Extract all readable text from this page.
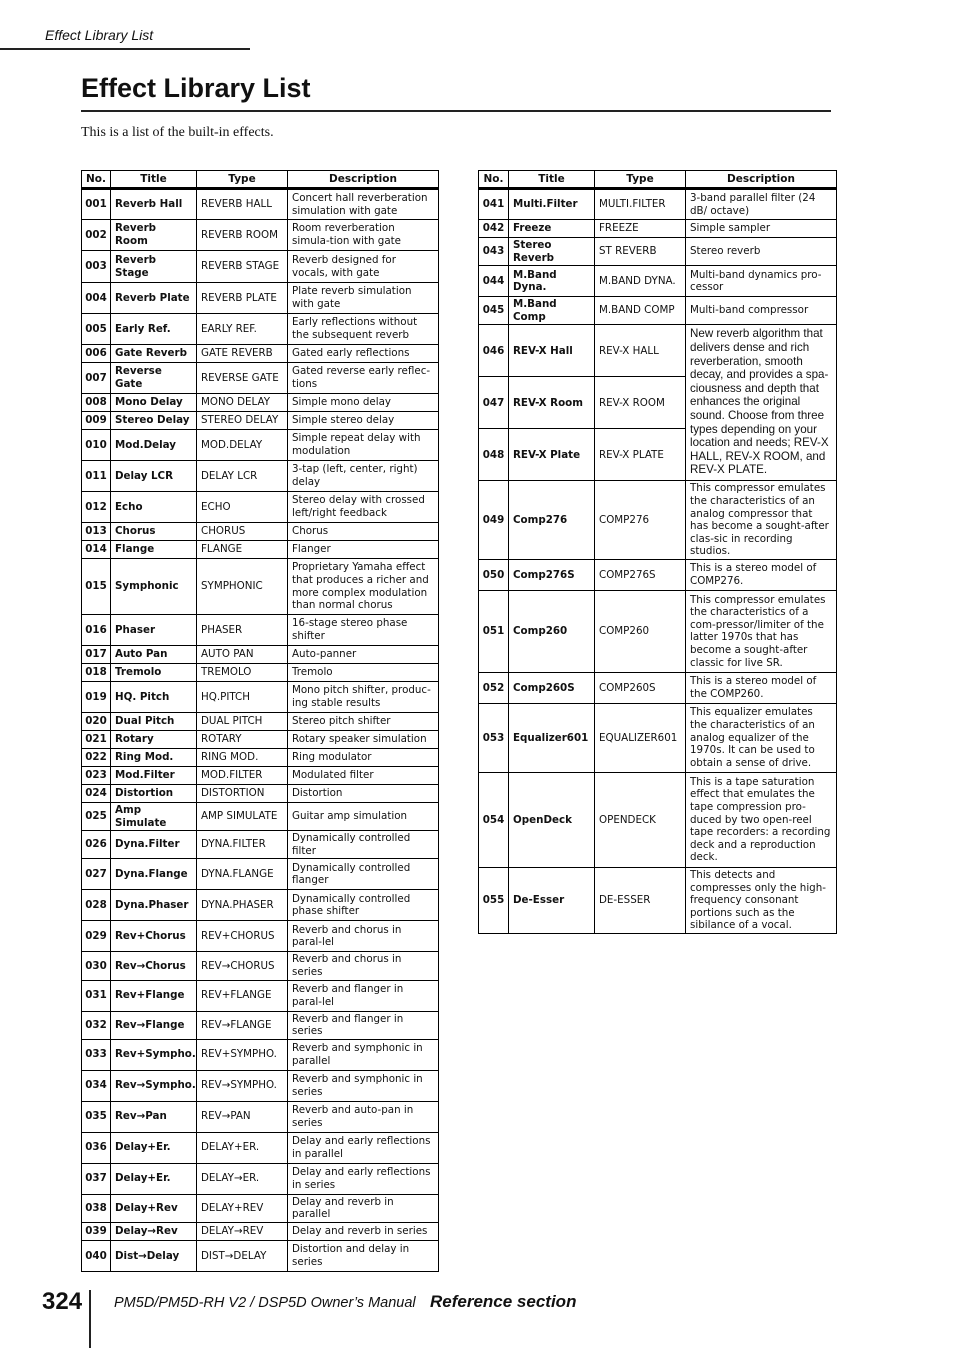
Effect Library List
Effect Library List
This is a list of the built-in effects.
No.	Title	Type	Description
001	Reverb Hall	REVERB HALL	Concert hall reverberation simulation with gate
002	Reverb Room	REVERB ROOM	Room reverberation simula-tion with gate
003	Reverb Stage	REVERB STAGE	Reverb designed for vocals, with gate
004	Reverb Plate	REVERB PLATE	Plate reverb simulation with gate
005	Early Ref.	EARLY REF.	Early reflections without the subsequent reverb
006	Gate Reverb	GATE REVERB	Gated early reflections
007	Reverse Gate	REVERSE GATE	Gated reverse early reflec-tions
008	Mono Delay	MONO DELAY	Simple mono delay
009	Stereo Delay	STEREO DELAY	Simple stereo delay
010	Mod.Delay	MOD.DELAY	Simple repeat delay with modulation
011	Delay LCR	DELAY LCR	3-tap (left, center, right) delay
012	Echo	ECHO	Stereo delay with crossed left/right feedback
013	Chorus	CHORUS	Chorus
014	Flange	FLANGE	Flanger
015	Symphonic	SYMPHONIC	Proprietary Yamaha effect that produces a richer and more complex modulation than normal chorus
016	Phaser	PHASER	16-stage stereo phase shifter
017	Auto Pan	AUTO PAN	Auto-panner
018	Tremolo	TREMOLO	Tremolo
019	HQ. Pitch	HQ.PITCH	Mono pitch shifter, produc-ing stable results
020	Dual Pitch	DUAL PITCH	Stereo pitch shifter
021	Rotary	ROTARY	Rotary speaker simulation
022	Ring Mod.	RING MOD.	Ring modulator
023	Mod.Filter	MOD.FILTER	Modulated filter
024	Distortion	DISTORTION	Distortion
025	Amp Simulate	AMP SIMULATE	Guitar amp simulation
026	Dyna.Filter	DYNA.FILTER	Dynamically controlled filter
027	Dyna.Flange	DYNA.FLANGE	Dynamically controlled flanger
028	Dyna.Phaser	DYNA.PHASER	Dynamically controlled phase shifter
029	Rev+Chorus	REV+CHORUS	Reverb and chorus in paral-lel
030	Rev→Chorus	REV→CHORUS	Reverb and chorus in series
031	Rev+Flange	REV+FLANGE	Reverb and flanger in paral-lel
032	Rev→Flange	REV→FLANGE	Reverb and flanger in series
033	Rev+Sympho.	REV+SYMPHO.	Reverb and symphonic in parallel
034	Rev→Sympho.	REV→SYMPHO.	Reverb and symphonic in series
035	Rev→Pan	REV→PAN	Reverb and auto-pan in series
036	Delay+Er.	DELAY+ER.	Delay and early reflections in parallel
037	Delay+Er.	DELAY→ER.	Delay and early reflections in series
038	Delay+Rev	DELAY+REV	Delay and reverb in parallel
039	Delay→Rev	DELAY→REV	Delay and reverb in series
040	Dist→Delay	DIST→DELAY	Distortion and delay in series
No.	Title	Type	Description
041	Multi.Filter	MULTI.FILTER	3-band parallel filter (24 dB/ octave)
042	Freeze	FREEZE	Simple sampler
043	Stereo Reverb	ST REVERB	Stereo reverb
044	M.Band Dyna.	M.BAND DYNA.	Multi-band dynamics pro-cessor
045	M.Band Comp	M.BAND COMP	Multi-band compressor
046	REV-X Hall	REV-X HALL	New reverb algorithm that delivers dense and rich reverberation, smooth decay, and provides a spa-ciousness and depth that enhances the original sound. Choose from three types depending on your location and needs; REV-X HALL, REV-X ROOM, and REV-X PLATE.
047	REV-X Room	REV-X ROOM	
048	REV-X Plate	REV-X PLATE	
049	Comp276	COMP276	This compressor emulates the characteristics of an analog compressor that has become a sought-after clas-sic in recording studios.
050	Comp276S	COMP276S	This is a stereo model of COMP276.
051	Comp260	COMP260	This compressor emulates the characteristics of a com-pressor/limiter of the latter 1970s that has become a sought-after classic for live SR.
052	Comp260S	COMP260S	This is a stereo model of the COMP260.
053	Equalizer601	EQUALIZER601	This equalizer emulates the characteristics of an analog equalizer of the 1970s. It can be used to obtain a sense of drive.
054	OpenDeck	OPENDECK	This is a tape saturation effect that emulates the tape compression pro-duced by two open-reel tape recorders: a recording deck and a reproduction deck.
055	De-Esser	DE-ESSER	This detects and compresses only the high-frequency consonant portions such as the sibilance of a vocal.
324 PM5D/PM5D-RH V2 / DSP5D Owner’s Manual Reference section
